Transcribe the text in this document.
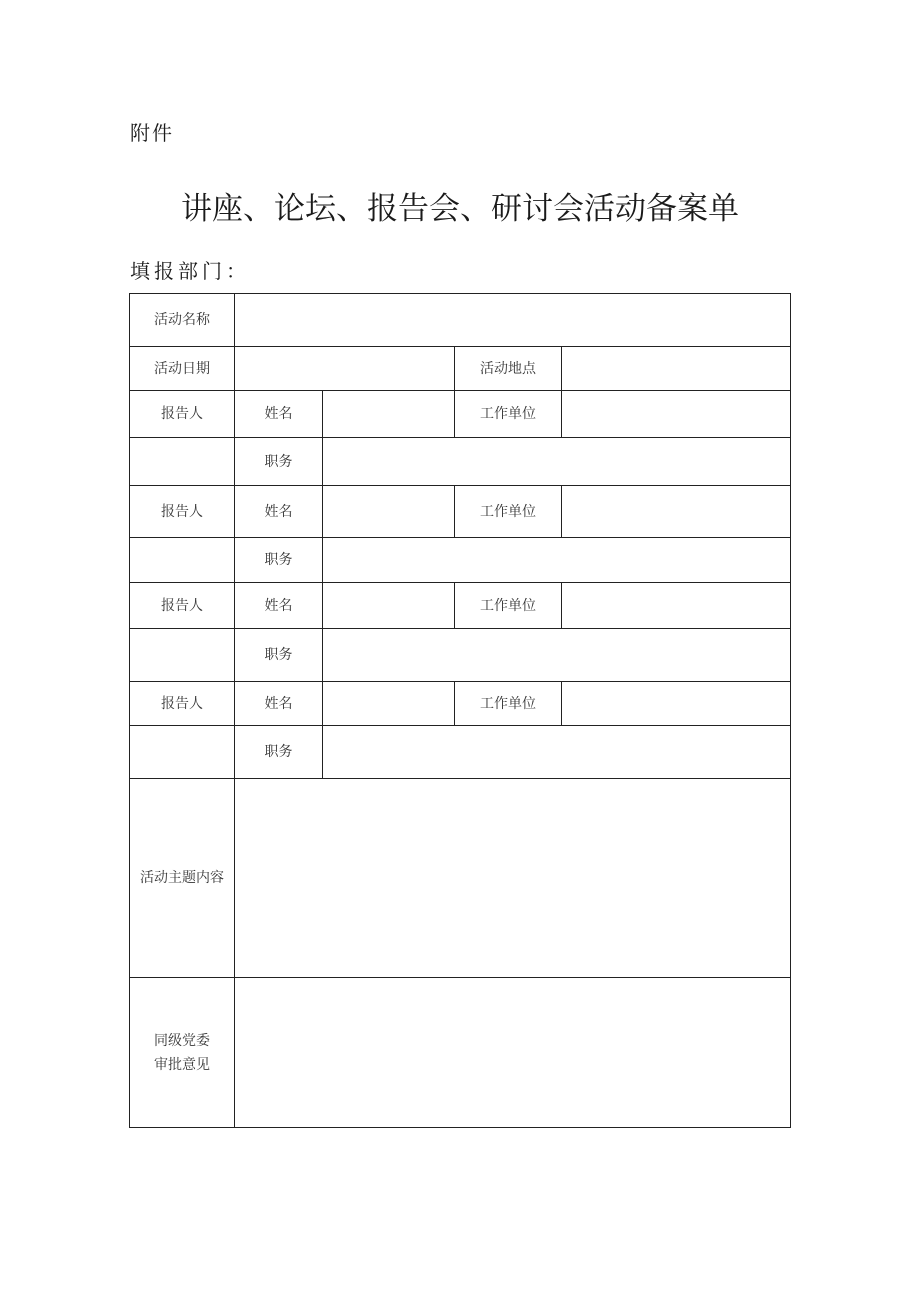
附件
讲座、论坛、报告会、研讨会活动备案单
填报部门：
活动名称				
活动日期			活动地点	
报告人	姓名		工作单位	
	职务			
报告人	姓名		工作单位	
	职务			
报告人	姓名		工作单位	
	职务			
报告人	姓名		工作单位	
	职务			
活动主题内容				

同级党委
审批意见				
